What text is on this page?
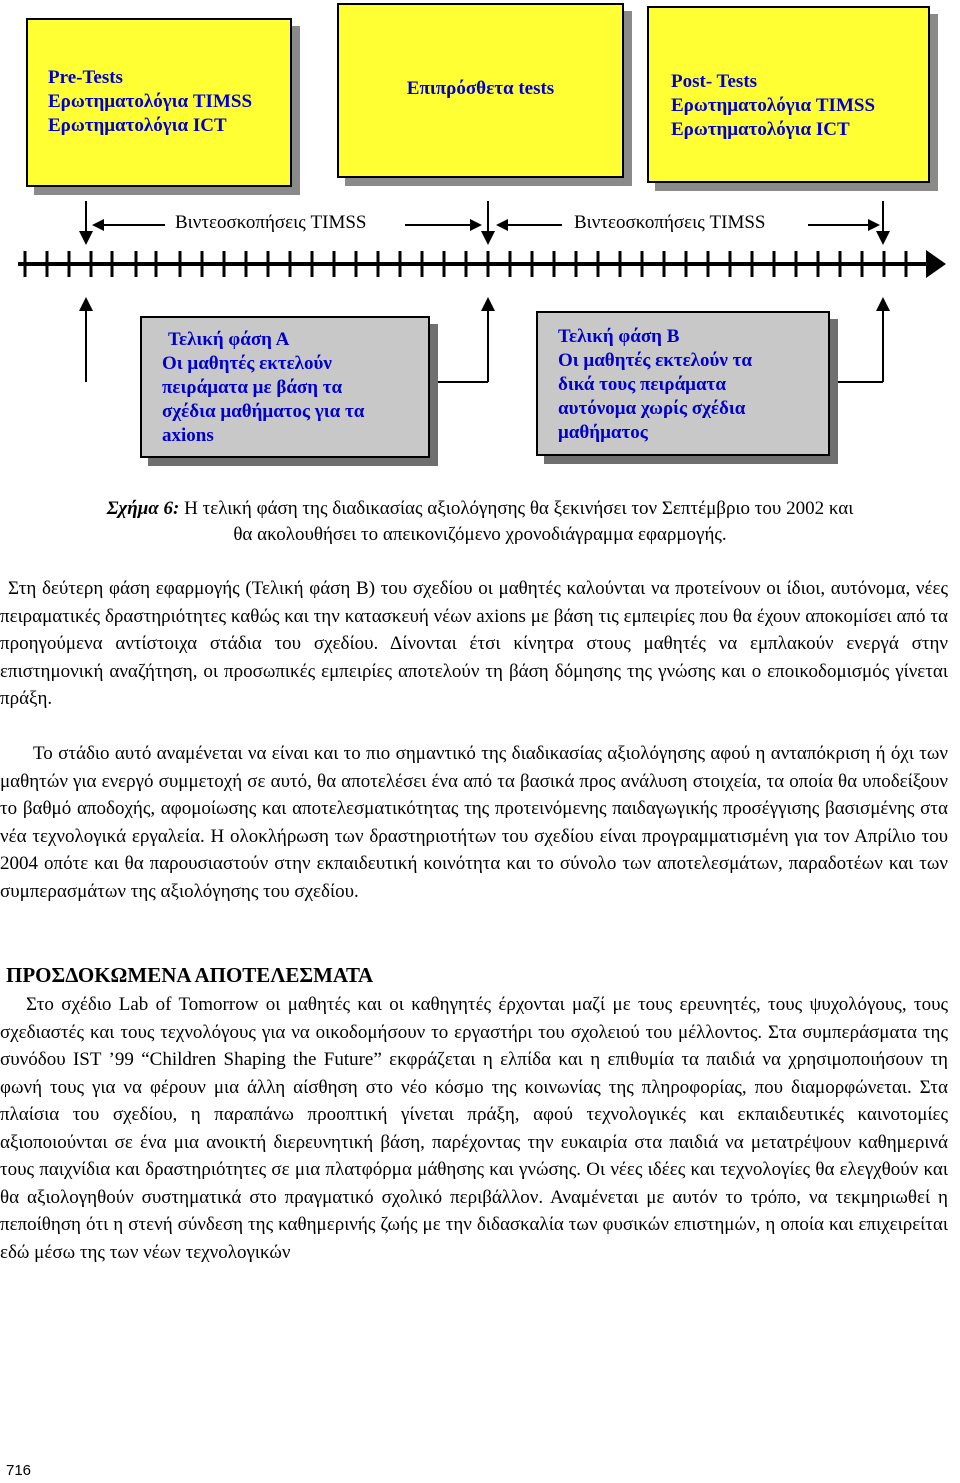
Pre-Tests
Ερωτηματολόγια TIMSS
Ερωτηματολόγια ICT
Επιπρόσθετα tests	Post- Tests
Ερωτηματολόγια TIMSS
Ερωτηματολόγια ICT
Βιντεοσκοπήσεις TIMSS	Βιντεοσκοπήσεις TIMSS
Τελική φάση Α
Οι μαθητές εκτελούν
πειράματα με βάση τα
σχέδια μαθήματος για τα
axions
Τελική φάση Β
Οι μαθητές εκτελούν τα
δικά τους πειράματα
αυτόνομα χωρίς σχέδια
μαθήματος
Σχήμα 6: Η τελική φάση της διαδικασίας αξιολόγησης θα ξεκινήσει τον Σεπτέμβριο του 2002 και
θα ακολουθήσει το απεικονιζόμενο χρονοδιάγραμμα εφαρμογής.
Στη δεύτερη φάση εφαρμογής (Τελική φάση Β) του σχεδίου οι μαθητές καλούνται να προτείνουν οι ίδιοι, αυτόνομα, νέες πειραματικές δραστηριότητες καθώς και την κατασκευή νέων axions με βάση τις εμπειρίες που θα έχουν αποκομίσει από τα προηγούμενα αντίστοιχα στάδια του σχεδίου. Δίνονται έτσι κίνητρα στους μαθητές να εμπλακούν ενεργά στην επιστημονική αναζήτηση, οι προσωπικές εμπειρίες αποτελούν τη βάση δόμησης της γνώσης και ο εποικοδομισμός γίνεται πράξη.
Το στάδιο αυτό αναμένεται να είναι και το πιο σημαντικό της διαδικασίας αξιολόγησης αφού η ανταπόκριση ή όχι των μαθητών για ενεργό συμμετοχή σε αυτό, θα αποτελέσει ένα από τα βασικά προς ανάλυση στοιχεία, τα οποία θα υποδείξουν το βαθμό αποδοχής, αφομοίωσης και αποτελεσματικότητας της προτεινόμενης παιδαγωγικής προσέγγισης βασισμένης στα νέα τεχνολογικά εργαλεία. Η ολοκλήρωση των δραστηριοτήτων του σχεδίου είναι προγραμματισμένη για τον Απρίλιο του 2004 οπότε και θα παρουσιαστούν στην εκπαιδευτική κοινότητα και το σύνολο των αποτελεσμάτων, παραδοτέων και των συμπερασμάτων της αξιολόγησης του σχεδίου.
ΠΡΟΣΔΟΚΩΜΕΝΑ ΑΠΟΤΕΛΕΣΜΑΤΑ
Στο σχέδιο Lab of Tomorrow οι μαθητές και οι καθηγητές έρχονται μαζί με τους ερευνητές, τους ψυχολόγους, τους σχεδιαστές και τους τεχνολόγους για να οικοδομήσουν το εργαστήρι του σχολειού του μέλλοντος. Στα συμπεράσματα της συνόδου IST ’99 “Children Shaping the Future” εκφράζεται η ελπίδα και η επιθυμία τα παιδιά να χρησιμοποιήσουν τη φωνή τους για να φέρουν μια άλλη αίσθηση στο νέο κόσμο της κοινωνίας της πληροφορίας, που διαμορφώνεται. Στα πλαίσια του σχεδίου, η παραπάνω προοπτική γίνεται πράξη, αφού τεχνολογικές και εκπαιδευτικές καινοτομίες αξιοποιούνται σε ένα μια ανοικτή διερευνητική βάση, παρέχοντας την ευκαιρία στα παιδιά να μετατρέψουν καθημερινά τους παιχνίδια και δραστηριότητες σε μια πλατφόρμα μάθησης και γνώσης. Οι νέες ιδέες και τεχνολογίες θα ελεγχθούν και θα αξιολογηθούν συστηματικά στο πραγματικό σχολικό περιβάλλον. Αναμένεται με αυτόν το τρόπο, να τεκμηριωθεί η πεποίθηση ότι η στενή σύνδεση της καθημερινής ζωής με την διδασκαλία των φυσικών επιστημών, η οποία και επιχειρείται εδώ μέσω της των νέων τεχνολογικών
716
